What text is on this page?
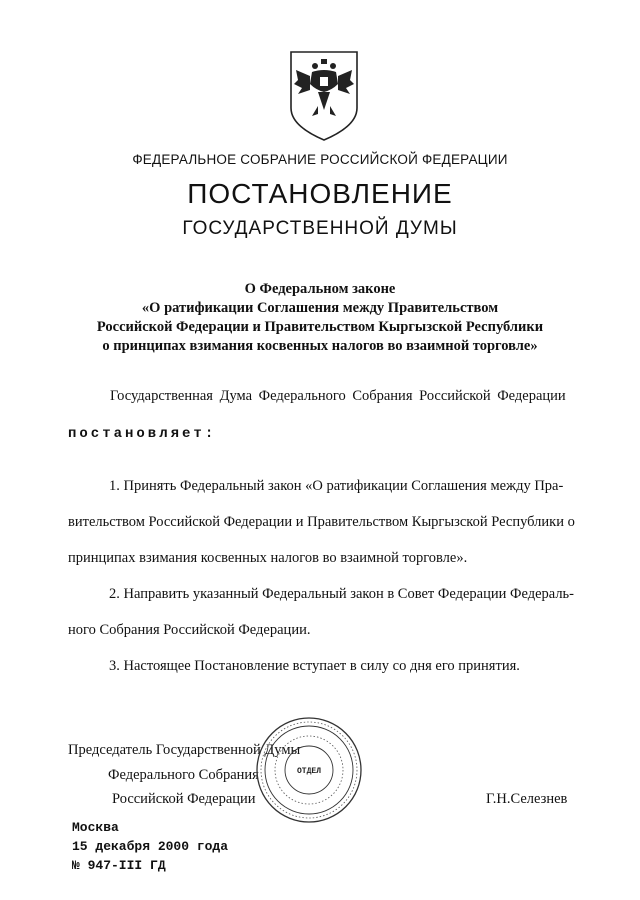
ФЕДЕРАЛЬНОЕ СОБРАНИЕ РОССИЙСКОЙ ФЕДЕРАЦИИ
ПОСТАНОВЛЕНИЕ
ГОСУДАРСТВЕННОЙ ДУМЫ
О Федеральном законе
«О ратификации Соглашения между Правительством
Российской Федерации и Правительством Кыргызской Республики
о принципах взимания косвенных налогов во взаимной торговле»
Государственная Дума Федерального Собрания Российской Федерации
постановляет:
1. Принять Федеральный закон «О ратификации Соглашения между Пра-
вительством Российской Федерации и Правительством Кыргызской Республики о
принципах взимания косвенных налогов во взаимной торговле».
2. Направить указанный Федеральный закон в Совет Федерации Федераль-
ного Собрания Российской Федерации.
3. Настоящее Постановление вступает в силу со дня его принятия.
Председатель Государственной Думы
Федерального Собрания
Российской Федерации	Г.Н.Селезнев
ОТДЕЛ
Москва
15 декабря 2000 года
№ 947-III ГД
